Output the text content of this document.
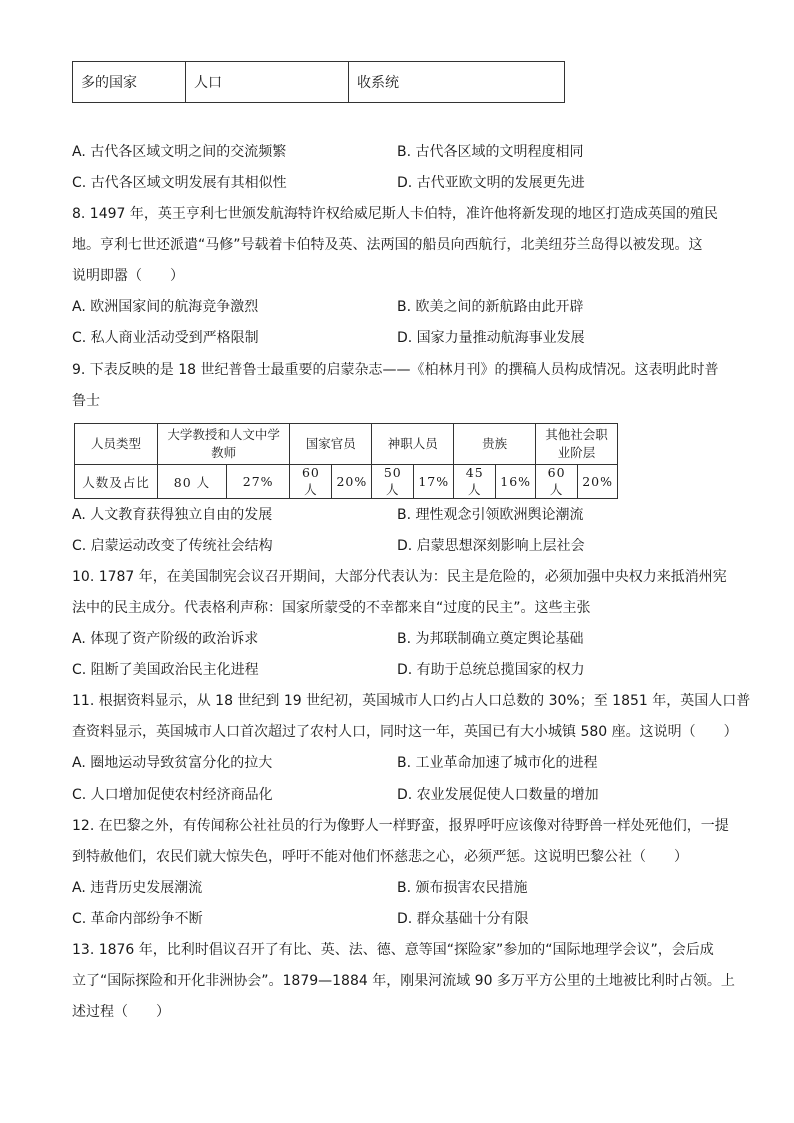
多的国家	人口	收系统
A. 古代各区域文明之间的交流频繁	B. 古代各区域的文明程度相同
C. 古代各区域文明发展有其相似性	D. 古代亚欧文明的发展更先进
8. 1497 年，英王亨利七世颁发航海特许权给威尼斯人卡伯特，准许他将新发现的地区打造成英国的殖民
地。亨利七世还派遣“马修”号载着卡伯特及英、法两国的船员向西航行，北美纽芬兰岛得以被发现。这
说明即嚣（　　）
A. 欧洲国家间的航海竞争激烈	B. 欧美之间的新航路由此开辟
C. 私人商业活动受到严格限制	D. 国家力量推动航海事业发展
9. 下表反映的是 18 世纪普鲁士最重要的启蒙杂志——《柏林月刊》的撰稿人员构成情况。这表明此时普
鲁士
人员类型	大学教授和人文中学教师		国家官员		神职人员		贵族		其他社会职业阶层	
人数及占比	80 人	27%	60 人	20%	50 人	17%	45 人	16%	60 人	20%
A. 人文教育获得独立自由的发展	B. 理性观念引领欧洲舆论潮流
C. 启蒙运动改变了传统社会结构	D. 启蒙思想深刻影响上层社会
10. 1787 年，在美国制宪会议召开期间，大部分代表认为：民主是危险的，必须加强中央权力来抵消州宪
法中的民主成分。代表格利声称：国家所蒙受的不幸都来自“过度的民主”。这些主张
A. 体现了资产阶级的政治诉求	B. 为邦联制确立奠定舆论基础
C. 阻断了美国政治民主化进程	D. 有助于总统总揽国家的权力
11. 根据资料显示，从 18 世纪到 19 世纪初，英国城市人口约占人口总数的 30%；至 1851 年，英国人口普
查资料显示，英国城市人口首次超过了农村人口，同时这一年，英国已有大小城镇 580 座。这说明（　　）
A. 圈地运动导致贫富分化的拉大	B. 工业革命加速了城市化的进程
C. 人口增加促使农村经济商品化	D. 农业发展促使人口数量的增加
12. 在巴黎之外，有传闻称公社社员的行为像野人一样野蛮，报界呼吁应该像对待野兽一样处死他们，一提
到特赦他们，农民们就大惊失色，呼吁不能对他们怀慈悲之心，必须严惩。这说明巴黎公社（　　）
A. 违背历史发展潮流	B. 颁布损害农民措施
C. 革命内部纷争不断	D. 群众基础十分有限
13. 1876 年，比利时倡议召开了有比、英、法、德、意等国“探险家”参加的“国际地理学会议”，会后成
立了“国际探险和开化非洲协会”。1879—1884 年，刚果河流域 90 多万平方公里的土地被比利时占领。上
述过程（　　）
